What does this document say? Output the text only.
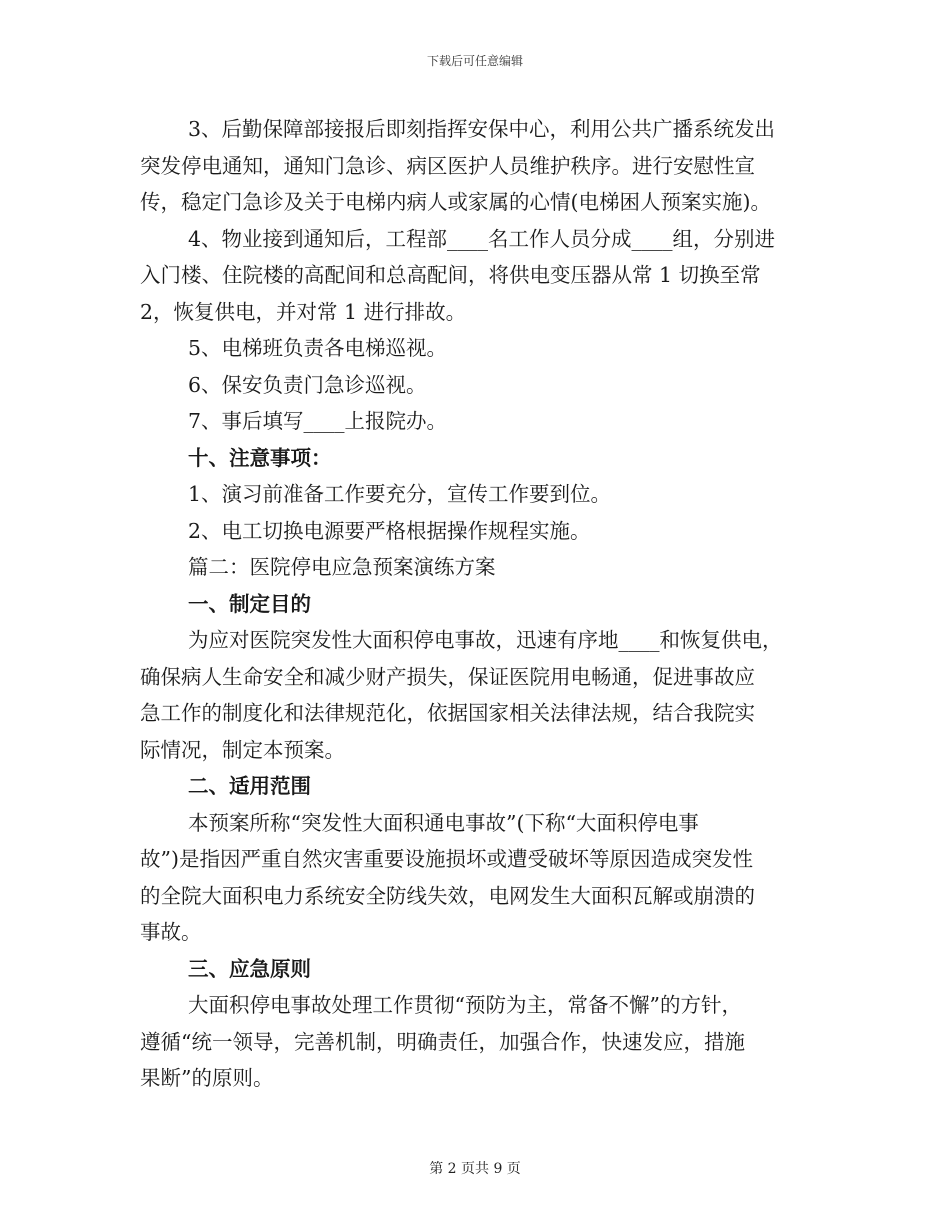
下载后可任意编辑

3、后勤保障部接报后即刻指挥安保中心，利用公共广播系统发出

突发停电通知，通知门急诊、病区医护人员维护秩序。进行安慰性宣

传，稳定门急诊及关于电梯内病人或家属的心情(电梯困人预案实施)。

4、物业接到通知后，工程部____名工作人员分成____组，分别进

入门楼、住院楼的高配间和总高配间，将供电变压器从常 1 切换至常

2，恢复供电，并对常 1 进行排故。

5、电梯班负责各电梯巡视。

6、保安负责门急诊巡视。

7、事后填写____上报院办。

十、注意事项：

1、演习前准备工作要充分，宣传工作要到位。

2、电工切换电源要严格根据操作规程实施。

篇二：医院停电应急预案演练方案

一、制定目的

为应对医院突发性大面积停电事故，迅速有序地____和恢复供电，

确保病人生命安全和减少财产损失，保证医院用电畅通，促进事故应

急工作的制度化和法律规范化，依据国家相关法律法规，结合我院实

际情况，制定本预案。

二、适用范围

本预案所称“突发性大面积通电事故”(下称“大面积停电事

故”)是指因严重自然灾害重要设施损坏或遭受破坏等原因造成突发性

的全院大面积电力系统安全防线失效，电网发生大面积瓦解或崩溃的

事故。

三、应急原则

大面积停电事故处理工作贯彻“预防为主，常备不懈”的方针，

遵循“统一领导，完善机制，明确责任，加强合作，快速发应，措施

果断”的原则。

第 2 页共 9 页
